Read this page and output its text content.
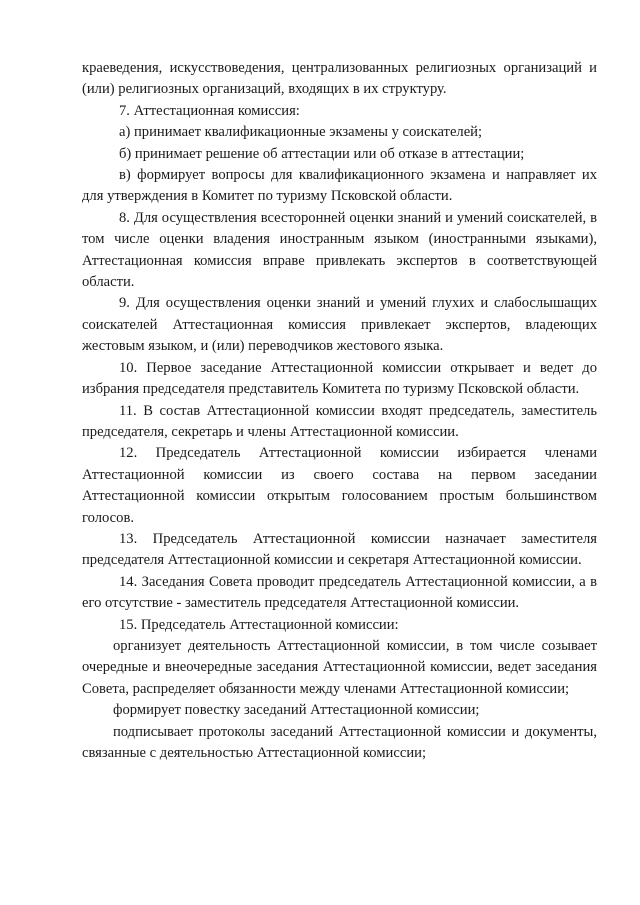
краеведения, искусствоведения, централизованных религиозных организаций и (или) религиозных организаций, входящих в их структуру.

7. Аттестационная комиссия:

а) принимает квалификационные экзамены у соискателей;

б) принимает решение об аттестации или об отказе в аттестации;

в) формирует вопросы для квалификационного экзамена и направляет их для утверждения в Комитет по туризму Псковской области.

8. Для осуществления всесторонней оценки знаний и умений соискателей, в том числе оценки владения иностранным языком (иностранными языками), Аттестационная комиссия вправе привлекать экспертов в соответствующей области.

9. Для осуществления оценки знаний и умений глухих и слабослышащих соискателей Аттестационная комиссия привлекает экспертов, владеющих жестовым языком, и (или) переводчиков жестового языка.

10. Первое заседание Аттестационной комиссии открывает и ведет до избрания председателя представитель Комитета по туризму Псковской области.

11. В состав Аттестационной комиссии входят председатель, заместитель председателя, секретарь и члены Аттестационной комиссии.

12. Председатель Аттестационной комиссии избирается членами Аттестационной комиссии из своего состава на первом заседании Аттестационной комиссии открытым голосованием простым большинством голосов.

13. Председатель Аттестационной комиссии назначает заместителя председателя Аттестационной комиссии и секретаря Аттестационной комиссии.

14. Заседания Совета проводит председатель Аттестационной комиссии, а в его отсутствие - заместитель председателя Аттестационной комиссии.

15. Председатель Аттестационной комиссии:

организует деятельность Аттестационной комиссии, в том числе созывает очередные и внеочередные заседания Аттестационной комиссии, ведет заседания Совета, распределяет обязанности между членами Аттестационной комиссии;

формирует повестку заседаний Аттестационной комиссии;

подписывает протоколы заседаний Аттестационной комиссии и документы, связанные с деятельностью Аттестационной комиссии;
